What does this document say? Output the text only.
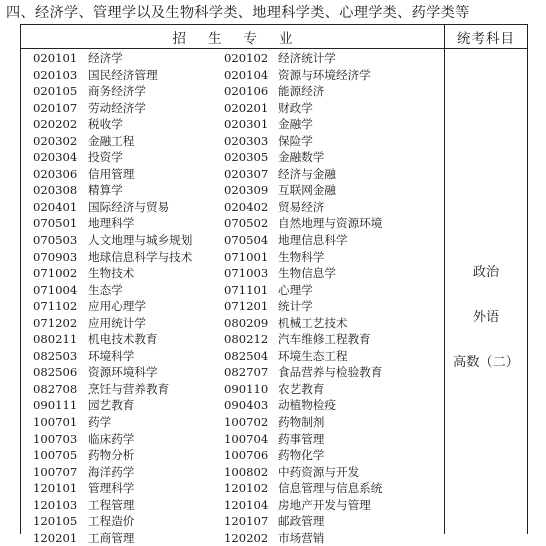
四、经济学、管理学以及生物科学类、地理科学类、心理学类、药学类等
招生专业	统考科目
020101 经济学	020102 经济统计学
020103 国民经济管理	020104 资源与环境经济学
020105 商务经济学	020106 能源经济
020107 劳动经济学	020201 财政学
020202 税收学	020301 金融学
020302 金融工程	020303 保险学
020304 投资学	020305 金融数学
020306 信用管理	020307 经济与金融
020308 精算学	020309 互联网金融
020401 国际经济与贸易	020402 贸易经济
070501 地理科学	070502 自然地理与资源环境
070503 人文地理与城乡规划	070504 地理信息科学
070903 地球信息科学与技术	071001 生物科学
071002 生物技术	071003 生物信息学
071004 生态学	071101 心理学
071102 应用心理学	071201 统计学
071202 应用统计学	080209 机械工艺技术
080211 机电技术教育	080212 汽车维修工程教育
082503 环境科学	082504 环境生态工程
082506 资源环境科学	082707 食品营养与检验教育
082708 烹饪与营养教育	090110 农艺教育
090111 园艺教育	090403 动植物检疫
100701 药学	100702 药物制剂
100703 临床药学	100704 药事管理
100705 药物分析	100706 药物化学
100707 海洋药学	100802 中药资源与开发
120101 管理科学	120102 信息管理与信息系统
120103 工程管理	120104 房地产开发与管理
120105 工程造价	120107 邮政管理
120201 工商管理	120202 市场营销
政治
外语
高数（二）
